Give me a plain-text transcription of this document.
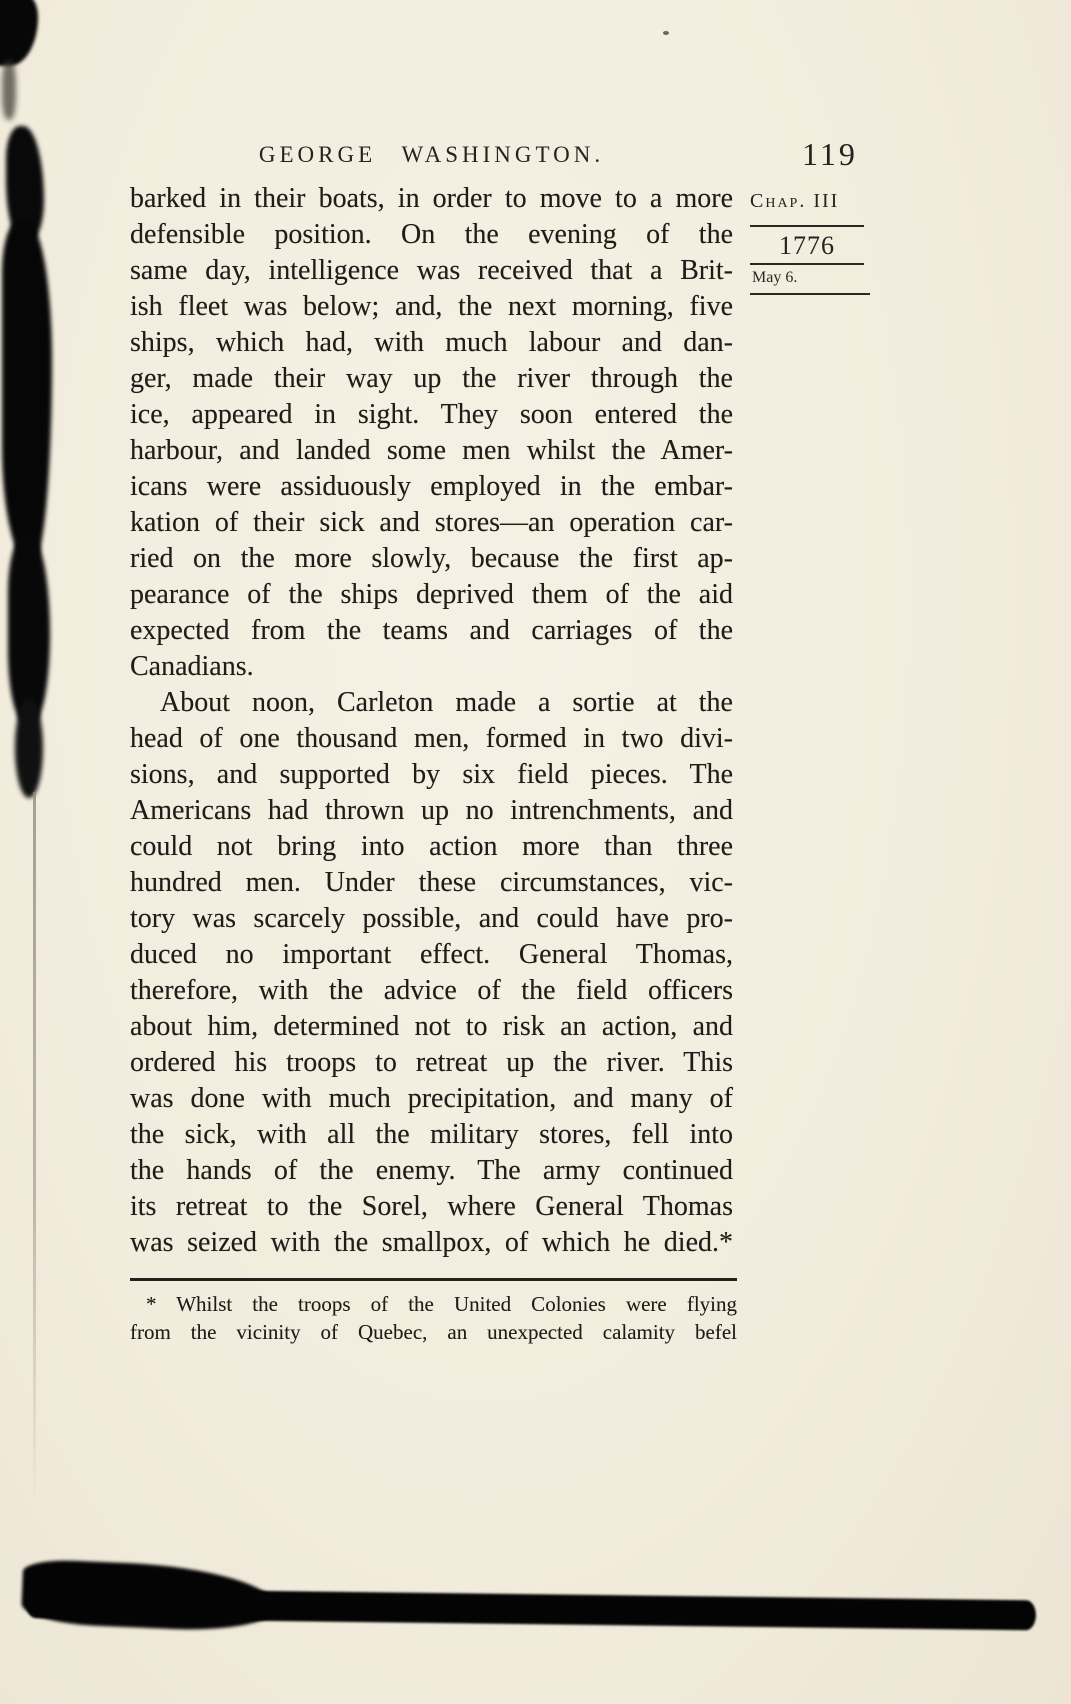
GEORGE WASHINGTON.	119
Chap. III
1776
May 6.
barked in their boats, in order to move to a more
defensible position. On the evening of the
same day, intelligence was received that a Brit-
ish fleet was below; and, the next morning, five
ships, which had, with much labour and dan-
ger, made their way up the river through the
ice, appeared in sight. They soon entered the
harbour, and landed some men whilst the Amer-
icans were assiduously employed in the embar-
kation of their sick and stores—an operation car-
ried on the more slowly, because the first ap-
pearance of the ships deprived them of the aid
expected from the teams and carriages of the
Canadians.
About noon, Carleton made a sortie at the
head of one thousand men, formed in two divi-
sions, and supported by six field pieces. The
Americans had thrown up no intrenchments, and
could not bring into action more than three
hundred men. Under these circumstances, vic-
tory was scarcely possible, and could have pro-
duced no important effect. General Thomas,
therefore, with the advice of the field officers
about him, determined not to risk an action, and
ordered his troops to retreat up the river. This
was done with much precipitation, and many of
the sick, with all the military stores, fell into
the hands of the enemy. The army continued
its retreat to the Sorel, where General Thomas
was seized with the smallpox, of which he died.*
* Whilst the troops of the United Colonies were flying
from the vicinity of Quebec, an unexpected calamity befel
